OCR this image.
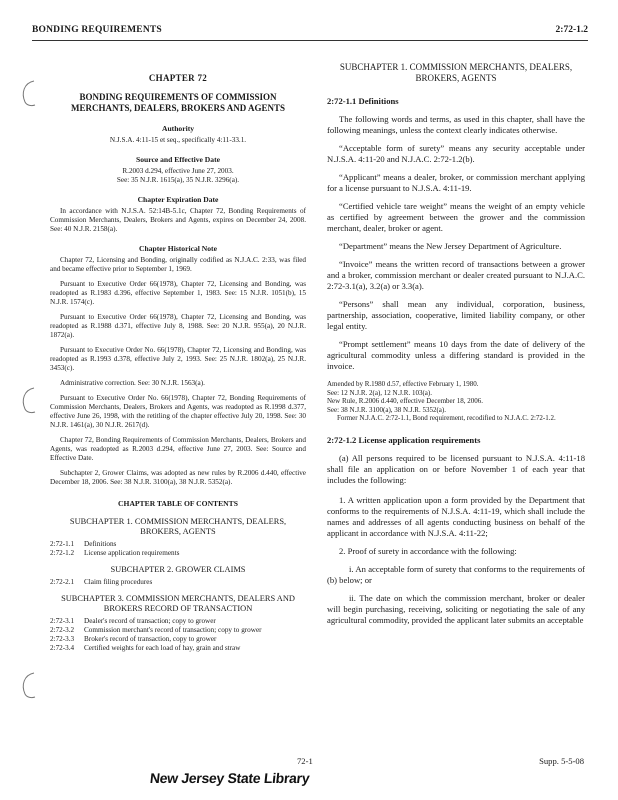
BONDING REQUIREMENTS	2:72-1.2
CHAPTER 72
BONDING REQUIREMENTS OF COMMISSION MERCHANTS, DEALERS, BROKERS AND AGENTS
Authority
N.J.S.A. 4:11-15 et seq., specifically 4:11-33.1.
Source and Effective Date
R.2003 d.294, effective June 27, 2003.
See: 35 N.J.R. 1615(a), 35 N.J.R. 3296(a).
Chapter Expiration Date
In accordance with N.J.S.A. 52:14B-5.1c, Chapter 72, Bonding Requirements of Commission Merchants, Dealers, Brokers and Agents, expires on December 24, 2008. See: 40 N.J.R. 2158(a).
Chapter Historical Note

Chapter 72, Licensing and Bonding, originally codified as N.J.A.C. 2:33, was filed and became effective prior to September 1, 1969.

Pursuant to Executive Order 66(1978), Chapter 72, Licensing and Bonding, was readopted as R.1983 d.396, effective September 1, 1983. See: 15 N.J.R. 1051(b), 15 N.J.R. 1574(c).

Pursuant to Executive Order 66(1978), Chapter 72, Licensing and Bonding, was readopted as R.1988 d.371, effective July 8, 1988. See: 20 N.J.R. 955(a), 20 N.J.R. 1872(a).

Pursuant to Executive Order No. 66(1978), Chapter 72, Licensing and Bonding, was readopted as R.1993 d.378, effective July 2, 1993. See: 25 N.J.R. 1802(a), 25 N.J.R. 3453(c).

Administrative correction. See: 30 N.J.R. 1563(a).

Pursuant to Executive Order No. 66(1978), Chapter 72, Bonding Requirements of Commission Merchants, Dealers, Brokers and Agents, was readopted as R.1998 d.377, effective June 26, 1998, with the retitling of the chapter effective July 20, 1998. See: 30 N.J.R. 1461(a), 30 N.J.R. 2617(d).

Chapter 72, Bonding Requirements of Commission Merchants, Dealers, Brokers and Agents, was readopted as R.2003 d.294, effective June 27, 2003. See: Source and Effective Date.

Subchapter 2, Grower Claims, was adopted as new rules by R.2006 d.440, effective December 18, 2006. See: 38 N.J.R. 3100(a), 38 N.J.R. 5352(a).

CHAPTER TABLE OF CONTENTS
SUBCHAPTER 1. COMMISSION MERCHANTS, DEALERS, BROKERS, AGENTS
2:72-1.1	Definitions
2:72-1.2	License application requirements
SUBCHAPTER 2. GROWER CLAIMS
2:72-2.1	Claim filing procedures
SUBCHAPTER 3. COMMISSION MERCHANTS, DEALERS AND BROKERS RECORD OF TRANSACTION
2:72-3.1	Dealer's record of transaction; copy to grower
2:72-3.2	Commission merchant's record of transaction; copy to grower
2:72-3.3	Broker's record of transaction, copy to grower
2:72-3.4	Certified weights for each load of hay, grain and straw
SUBCHAPTER 1. COMMISSION MERCHANTS, DEALERS, BROKERS, AGENTS
2:72-1.1 Definitions

The following words and terms, as used in this chapter, shall have the following meanings, unless the context clearly indicates otherwise.

“Acceptable form of surety” means any security acceptable under N.J.S.A. 4:11-20 and N.J.A.C. 2:72-1.2(b).

“Applicant” means a dealer, broker, or commission merchant applying for a license pursuant to N.J.S.A. 4:11-19.

“Certified vehicle tare weight” means the weight of an empty vehicle as certified by agreement between the grower and the commission merchant, dealer, broker or agent.

“Department” means the New Jersey Department of Agriculture.

“Invoice” means the written record of transactions between a grower and a broker, commission merchant or dealer created pursuant to N.J.A.C. 2:72-3.1(a), 3.2(a) or 3.3(a).

“Persons” shall mean any individual, corporation, business, partnership, association, cooperative, limited liability company, or other legal entity.

“Prompt settlement” means 10 days from the date of delivery of the agricultural commodity unless a differing standard is provided in the invoice.

Amended by R.1980 d.57, effective February 1, 1980.

See: 12 N.J.R. 2(a), 12 N.J.R. 103(a).

New Rule, R.2006 d.440, effective December 18, 2006.

See: 38 N.J.R. 3100(a), 38 N.J.R. 5352(a).

Former N.J.A.C. 2:72-1.1, Bond requirement, recodified to N.J.A.C. 2:72-1.2.

2:72-1.2 License application requirements

(a) All persons required to be licensed pursuant to N.J.S.A. 4:11-18 shall file an application on or before November 1 of each year that includes the following:

1. A written application upon a form provided by the Department that conforms to the requirements of N.J.S.A. 4:11-19, which shall include the names and addresses of all agents conducting business on behalf of the applicant in accordance with N.J.S.A. 4:11-22;

2. Proof of surety in accordance with the following:

i. An acceptable form of surety that conforms to the requirements of (b) below; or

ii. The date on which the commission merchant, broker or dealer will begin purchasing, receiving, soliciting or negotiating the sale of any agricultural commodity, provided the applicant later submits an acceptable

72-1	Supp. 5-5-08
New Jersey State Library
